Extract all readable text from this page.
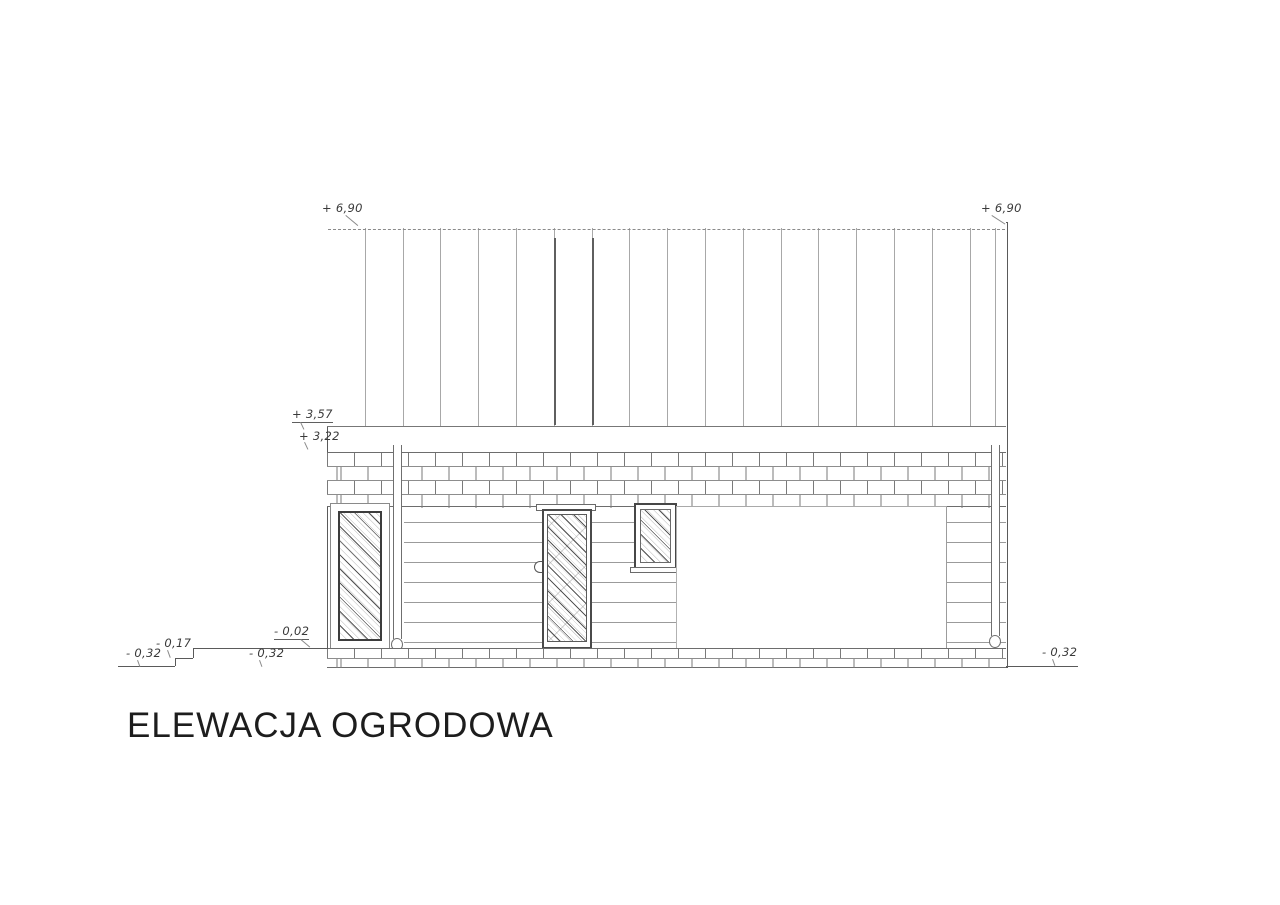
ELEWACJA OGRODOWA
+ 6,90	+ 6,90
+ 3,57
+ 3,22
- 0,02
- 0,17
- 0,32	- 0,32	- 0,32
